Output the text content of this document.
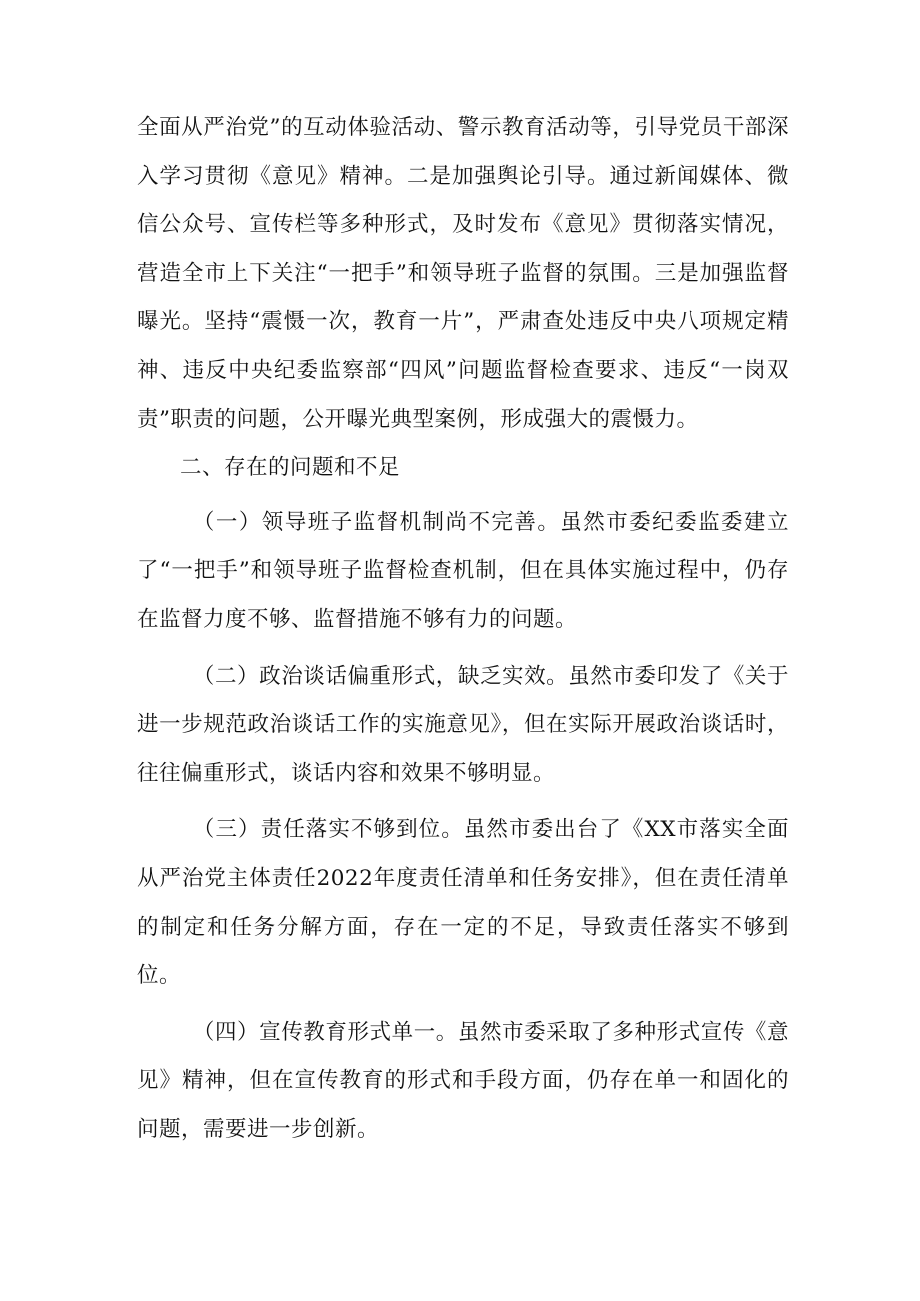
全面从严治党”的互动体验活动、警示教育活动等，引导党员干部深入学习贯彻《意见》精神。二是加强舆论引导。通过新闻媒体、微信公众号、宣传栏等多种形式，及时发布《意见》贯彻落实情况，营造全市上下关注“一把手”和领导班子监督的氛围。三是加强监督曝光。坚持“震慑一次，教育一片”，严肃查处违反中央八项规定精神、违反中央纪委监察部“四风”问题监督检查要求、违反“一岗双责”职责的问题，公开曝光典型案例，形成强大的震慑力。

二、存在的问题和不足

（一）领导班子监督机制尚不完善。虽然市委纪委监委建立了“一把手”和领导班子监督检查机制，但在具体实施过程中，仍存在监督力度不够、监督措施不够有力的问题。

（二）政治谈话偏重形式，缺乏实效。虽然市委印发了《关于进一步规范政治谈话工作的实施意见》，但在实际开展政治谈话时，往往偏重形式，谈话内容和效果不够明显。

（三）责任落实不够到位。虽然市委出台了《XX市落实全面从严治党主体责任2022年度责任清单和任务安排》，但在责任清单的制定和任务分解方面，存在一定的不足，导致责任落实不够到位。

（四）宣传教育形式单一。虽然市委采取了多种形式宣传《意见》精神，但在宣传教育的形式和手段方面，仍存在单一和固化的问题，需要进一步创新。
